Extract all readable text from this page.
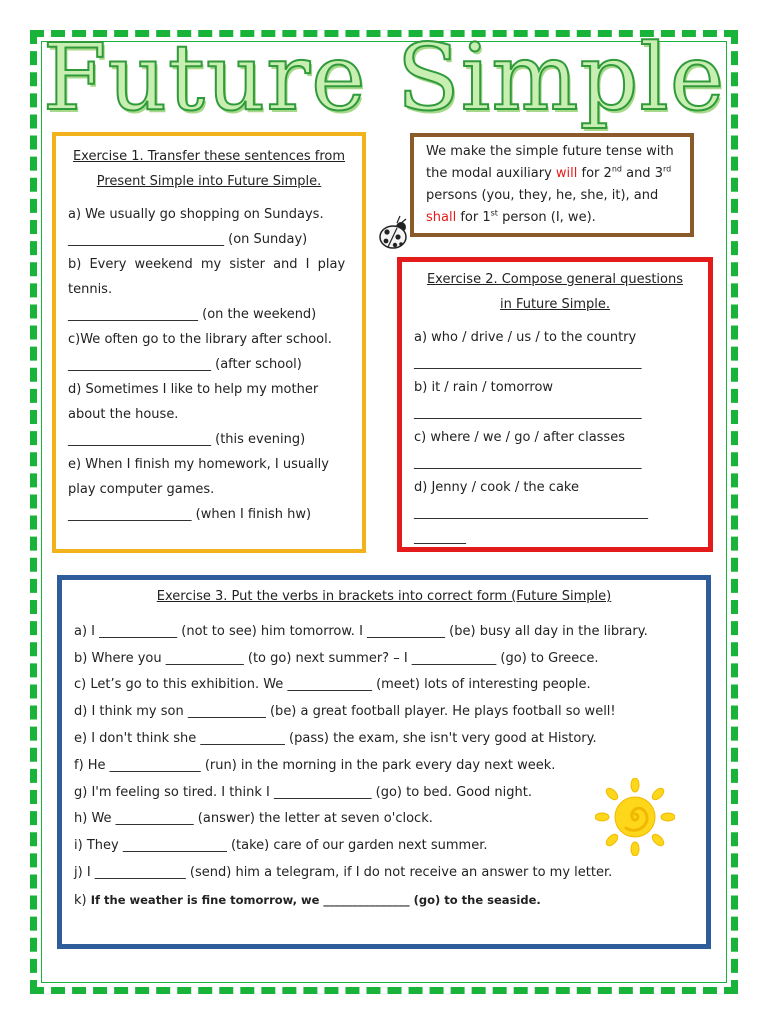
Future Simple
Exercise 1. Transfer these sentences from
Present Simple into Future Simple.
a) We usually go shopping on Sundays.
________________________ (on Sunday)
b) Every weekend my sister and I play
tennis.
____________________ (on the weekend)
c)We often go to the library after school.
______________________ (after school)
d) Sometimes I like to help my mother
about the house.
______________________ (this evening)
e) When I finish my homework, I usually
play computer games.
___________________ (when I finish hw)
We make the simple future tense with
the modal auxiliary will for 2nd and 3rd
persons (you, they, he, she, it), and
shall for 1st person (I, we).
Exercise 2. Compose general questions
in Future Simple.
a) who / drive / us / to the country
___________________________________
b) it / rain / tomorrow
___________________________________
c) where / we / go / after classes
___________________________________
d) Jenny / cook / the cake
____________________________________
________
Exercise 3. Put the verbs in brackets into correct form (Future Simple)
a) I ____________ (not to see) him tomorrow. I ____________ (be) busy all day in the library.
b) Where you ____________ (to go) next summer? – I _____________ (go) to Greece.
c) Let’s go to this exhibition. We _____________ (meet) lots of interesting people.
d) I think my son ____________ (be) a great football player. He plays football so well!
e) I don't think she _____________ (pass) the exam, she isn't very good at History.
f) He ______________ (run) in the morning in the park every day next week.
g) I'm feeling so tired. I think I _______________ (go) to bed. Good night.
h) We ____________ (answer) the letter at seven o'clock.
i) They ________________ (take) care of our garden next summer.
j) I ______________ (send) him a telegram, if I do not receive an answer to my letter.
k) If the weather is fine tomorrow, we _______________ (go) to the seaside.
